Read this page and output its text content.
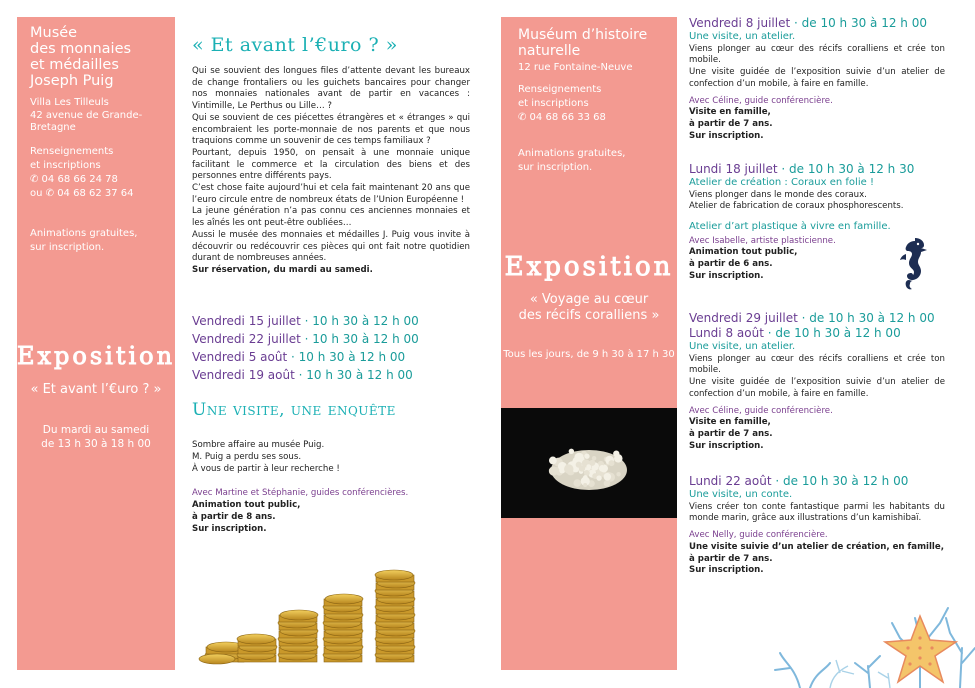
Musée
des monnaies
et médailles
Joseph Puig
Villa Les Tilleuls
42 avenue de Grande-
Bretagne
Renseignements
et inscriptions
✆ 04 68 66 24 78
ou ✆ 04 68 62 37 64
Animations gratuites,
sur inscription.
Exposition
« Et avant l’€uro ? »
Du mardi au samedi
de 13 h 30 à 18 h 00
« Et avant l’€uro ? »

Qui se souvient des longues files d’attente devant les bureaux de change frontaliers ou les guichets bancaires pour changer nos monnaies nationales avant de partir en vacances : Vintimille, Le Perthus ou Lille… ?

Qui se souvient de ces piécettes étrangères et « étranges » qui encombraient les porte-monnaie de nos parents et que nous traquions comme un souvenir de ces temps familiaux ?

Pourtant, depuis 1950, on pensait à une monnaie unique facilitant le commerce et la circulation des biens et des personnes entre différents pays.

C’est chose faite aujourd’hui et cela fait maintenant 20 ans que l’euro circule entre de nombreux états de l’Union Européenne !

La jeune génération n’a pas connu ces anciennes monnaies et les aînés les ont peut-être oubliées…

Aussi le musée des monnaies et médailles J. Puig vous invite à découvrir ou redécouvrir ces pièces qui ont fait notre quotidien durant de nombreuses années.

Sur réservation, du mardi au samedi.

Vendredi 15 juillet · 10 h 30 à 12 h 00
Vendredi 22 juillet · 10 h 30 à 12 h 00
Vendredi 5 août · 10 h 30 à 12 h 00
Vendredi 19 août · 10 h 30 à 12 h 00
Une visite, une enquête
Sombre affaire au musée Puig.
M. Puig a perdu ses sous.
À vous de partir à leur recherche !
Avec Martine et Stéphanie, guides conférencières.
Animation tout public,
à partir de 8 ans.
Sur inscription.
Muséum d’histoire
naturelle
12 rue Fontaine-Neuve
Renseignements
et inscriptions
✆ 04 68 66 33 68
Animations gratuites,
sur inscription.
Exposition
« Voyage au cœur
des récifs coralliens »
Tous les jours, de 9 h 30 à 17 h 30
Vendredi 8 juillet · de 10 h 30 à 12 h 00
Une visite, un atelier.
Viens plonger au cœur des récifs coralliens et crée ton mobile.
Une visite guidée de l’exposition suivie d’un atelier de confection d’un mobile, à faire en famille.
Avec Céline, guide conférencière.
Visite en famille,
à partir de 7 ans.
Sur inscription.
Lundi 18 juillet · de 10 h 30 à 12 h 30
Atelier de création : Coraux en folie !
Viens plonger dans le monde des coraux.
Atelier de fabrication de coraux phosphorescents.
Atelier d’art plastique à vivre en famille.
Avec Isabelle, artiste plasticienne.
Animation tout public,
à partir de 6 ans.
Sur inscription.
Vendredi 29 juillet · de 10 h 30 à 12 h 00
Lundi 8 août · de 10 h 30 à 12 h 00
Une visite, un atelier.
Viens plonger au cœur des récifs coralliens et crée ton mobile.
Une visite guidée de l’exposition suivie d’un atelier de confection d’un mobile, à faire en famille.
Avec Céline, guide conférencière.
Visite en famille,
à partir de 7 ans.
Sur inscription.
Lundi 22 août · de 10 h 30 à 12 h 00
Une visite, un conte.
Viens créer ton conte fantastique parmi les habitants du monde marin, grâce aux illustrations d’un kamishibaï.
Avec Nelly, guide conférencière.
Une visite suivie d’un atelier de création, en famille,
à partir de 7 ans.
Sur inscription.
